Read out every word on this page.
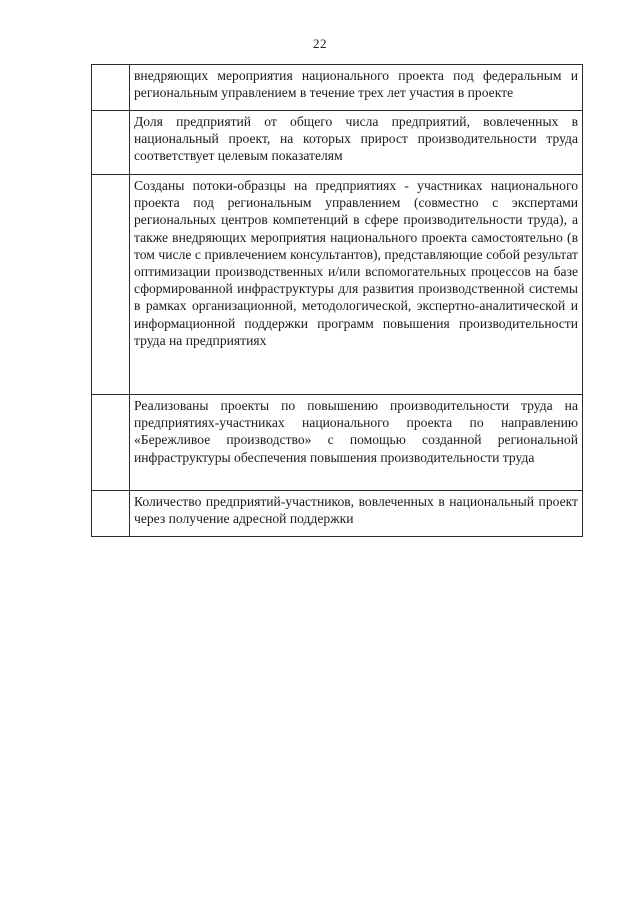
22
	внедряющих мероприятия национального проекта под федеральным и региональным управлением в течение трех лет участия в проекте
	Доля предприятий от общего числа предприятий, вовлеченных в национальный проект, на которых прирост производительности труда соответствует целевым показателям
	Созданы потоки-образцы на предприятиях - участниках национального проекта под региональным управлением (совместно с экспертами региональных центров компетенций в сфере производительности труда), а также внедряющих мероприятия национального проекта самостоятельно (в том числе с привлечением консультантов), представляющие собой результат оптимизации производственных и/или вспомогательных процессов на базе сформированной инфраструктуры для развития производственной системы в рамках организационной, методологической, экспертно-аналитической и информационной поддержки программ повышения производительности труда на предприятиях
	Реализованы проекты по повышению производительности труда на предприятиях-участниках национального проекта по направлению «Бережливое производство» с помощью созданной региональной инфраструктуры обеспечения повышения производительности труда
	Количество предприятий-участников, вовлеченных в национальный проект через получение адресной поддержки
